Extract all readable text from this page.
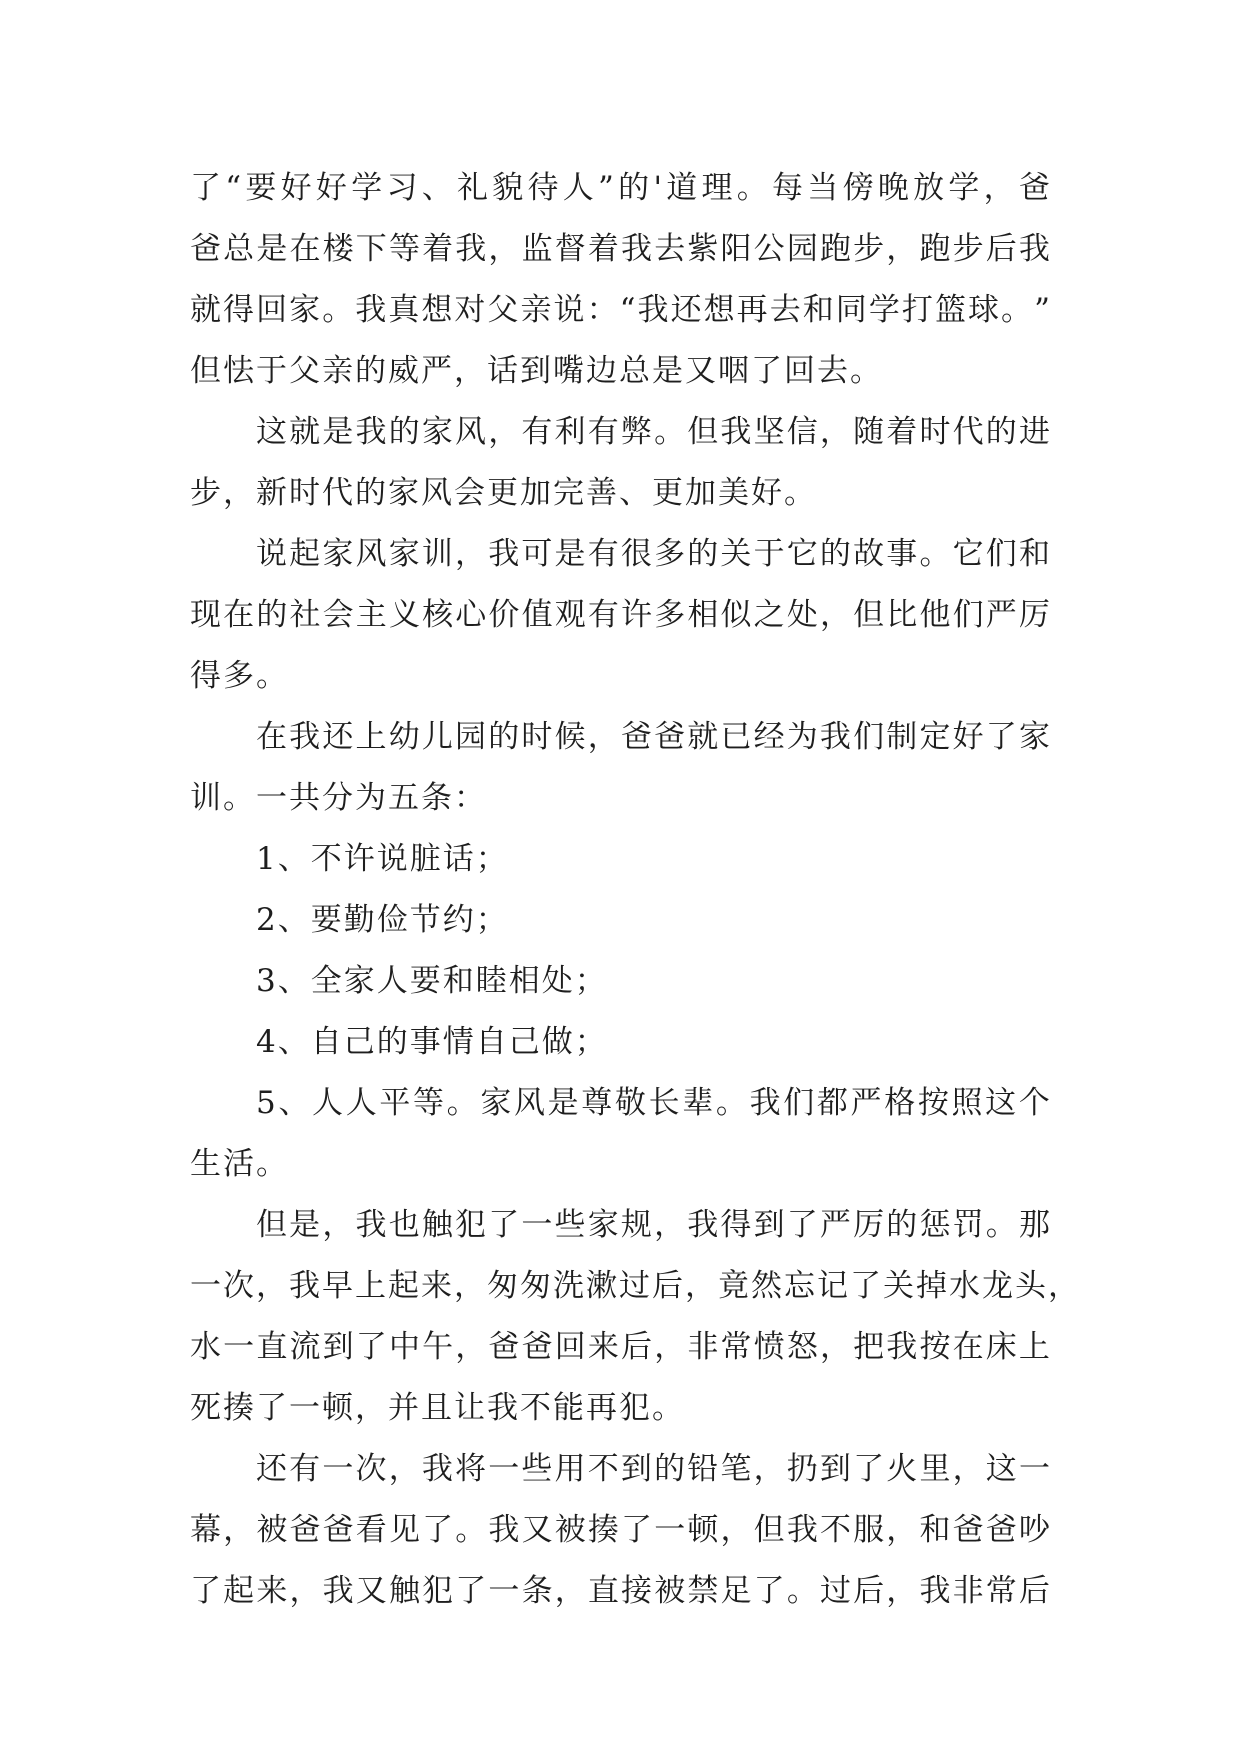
了 “ 要 好 好 学 习 、 礼 貌 待 人 ” 的 ' 道 理 。 每 当 傍 晚 放 学 ， 爸
爸 总 是 在 楼 下 等 着 我 ， 监 督 着 我 去 紫 阳 公 园 跑 步 ， 跑 步 后 我
就 得 回 家 。 我 真 想 对 父 亲 说 ： “ 我 还 想 再 去 和 同 学 打 篮 球 。 ”
但怯于父亲的威严，话到嘴边总是又咽了回去。
这 就 是 我 的 家 风 ， 有 利 有 弊 。 但 我 坚 信 ， 随 着 时 代 的 进
步，新时代的家风会更加完善、更加美好。
说 起 家 风 家 训 ， 我 可 是 有 很 多 的 关 于 它 的 故 事 。 它 们 和
现 在 的 社 会 主 义 核 心 价 值 观 有 许 多 相 似 之 处 ， 但 比 他 们 严 厉
得多。
在 我 还 上 幼 儿 园 的 时 候 ， 爸 爸 就 已 经 为 我 们 制 定 好 了 家
训。一共分为五条：
1、不许说脏话；
2、要勤俭节约；
3、全家人要和睦相处；
4、自己的事情自己做；
5 、 人 人 平 等 。 家 风 是 尊 敬 长 辈 。 我 们 都 严 格 按 照 这 个
生活。
但 是 ， 我 也 触 犯 了 一 些 家 规 ， 我 得 到 了 严 厉 的 惩 罚 。 那
一 次 ， 我 早 上 起 来 ， 匆 匆 洗 漱 过 后 ， 竟 然 忘 记 了 关 掉 水 龙 头 ，
水 一 直 流 到 了 中 午 ， 爸 爸 回 来 后 ， 非 常 愤 怒 ， 把 我 按 在 床 上
死揍了一顿，并且让我不能再犯。
还 有 一 次 ， 我 将 一 些 用 不 到 的 铅 笔 ， 扔 到 了 火 里 ， 这 一
幕 ， 被 爸 爸 看 见 了 。 我 又 被 揍 了 一 顿 ， 但 我 不 服 ， 和 爸 爸 吵
了 起 来 ， 我 又 触 犯 了 一 条 ， 直 接 被 禁 足 了 。 过 后 ， 我 非 常 后
